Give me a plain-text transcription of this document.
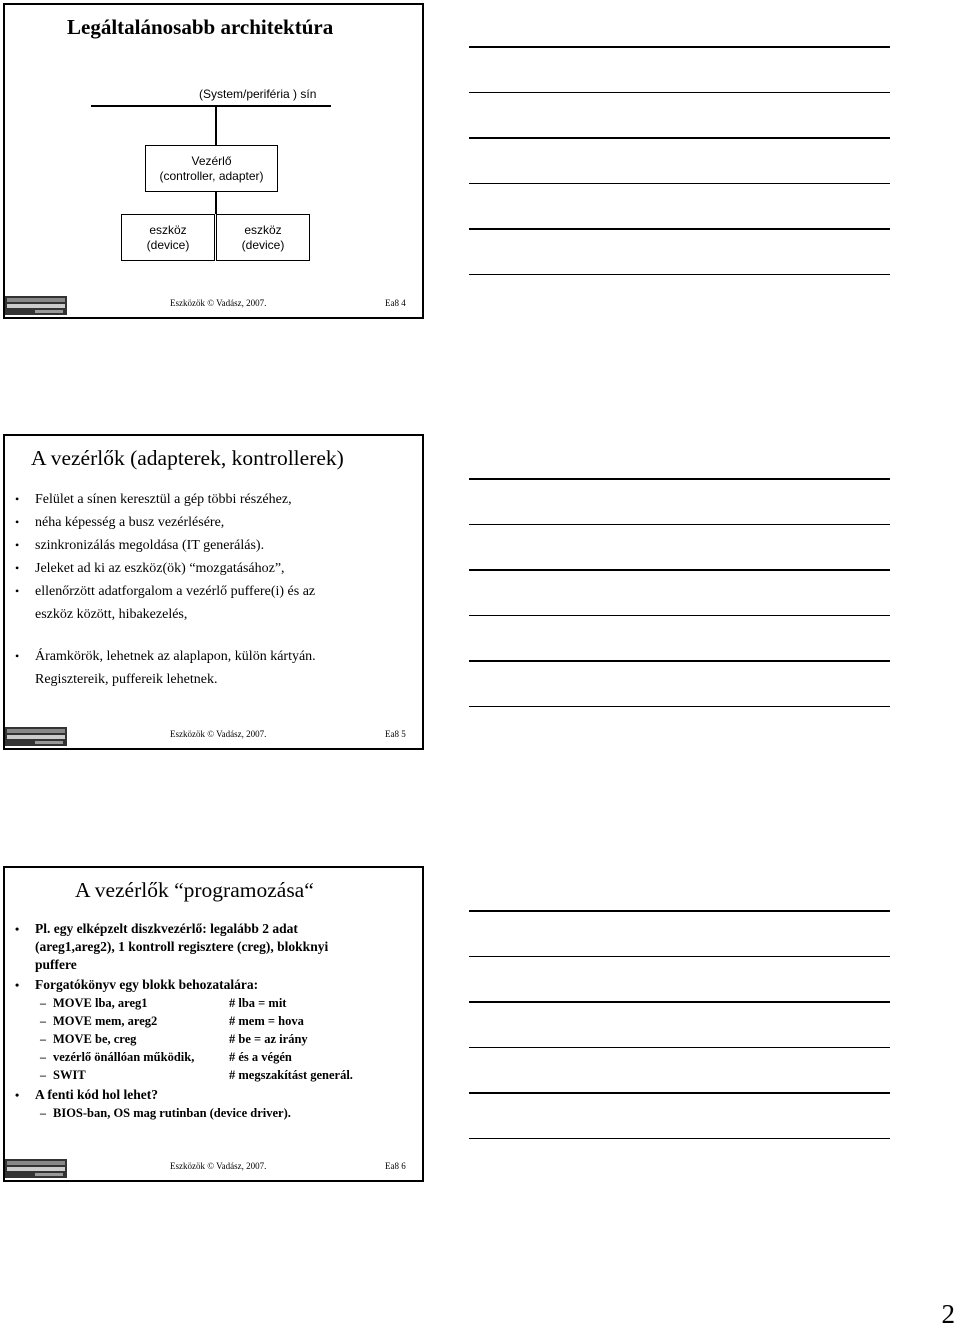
Legáltalánosabb architektúra
(System/periféria ) sín
Vezérlő
(controller, adapter)
eszköz
(device)
eszköz
(device)
Eszközök © Vadász, 2007.	Ea8 4
A vezérlők (adapterek, kontrollerek)
• Felület a sínen keresztül a gép többi részéhez,
• néha képesség a busz vezérlésére,
• szinkronizálás megoldása (IT generálás).
• Jeleket ad ki az eszköz(ök) “mozgatásához”,
• ellenőrzött adatforgalom a vezérlő puffere(i) és az
eszköz között, hibakezelés,
• Áramkörök, lehetnek az alaplapon, külön kártyán.
Regisztereik, puffereik lehetnek.
Eszközök © Vadász, 2007.	Ea8 5
A vezérlők “programozása“
• Pl. egy elképzelt diszkvezérlő: legalább 2 adat
(areg1,areg2), 1 kontroll regisztere (creg), blokknyi
puffere
• Forgatókönyv egy blokk behozatalára:
– MOVE lba, areg1	# lba = mit
– MOVE mem, areg2	# mem = hova
– MOVE be, creg	# be = az irány
– vezérlő önállóan működik,	# és a végén
– SWIT	# megszakítást generál.
• A fenti kód hol lehet?
– BIOS-ban, OS mag rutinban (device driver).
Eszközök © Vadász, 2007.	Ea8 6
2
